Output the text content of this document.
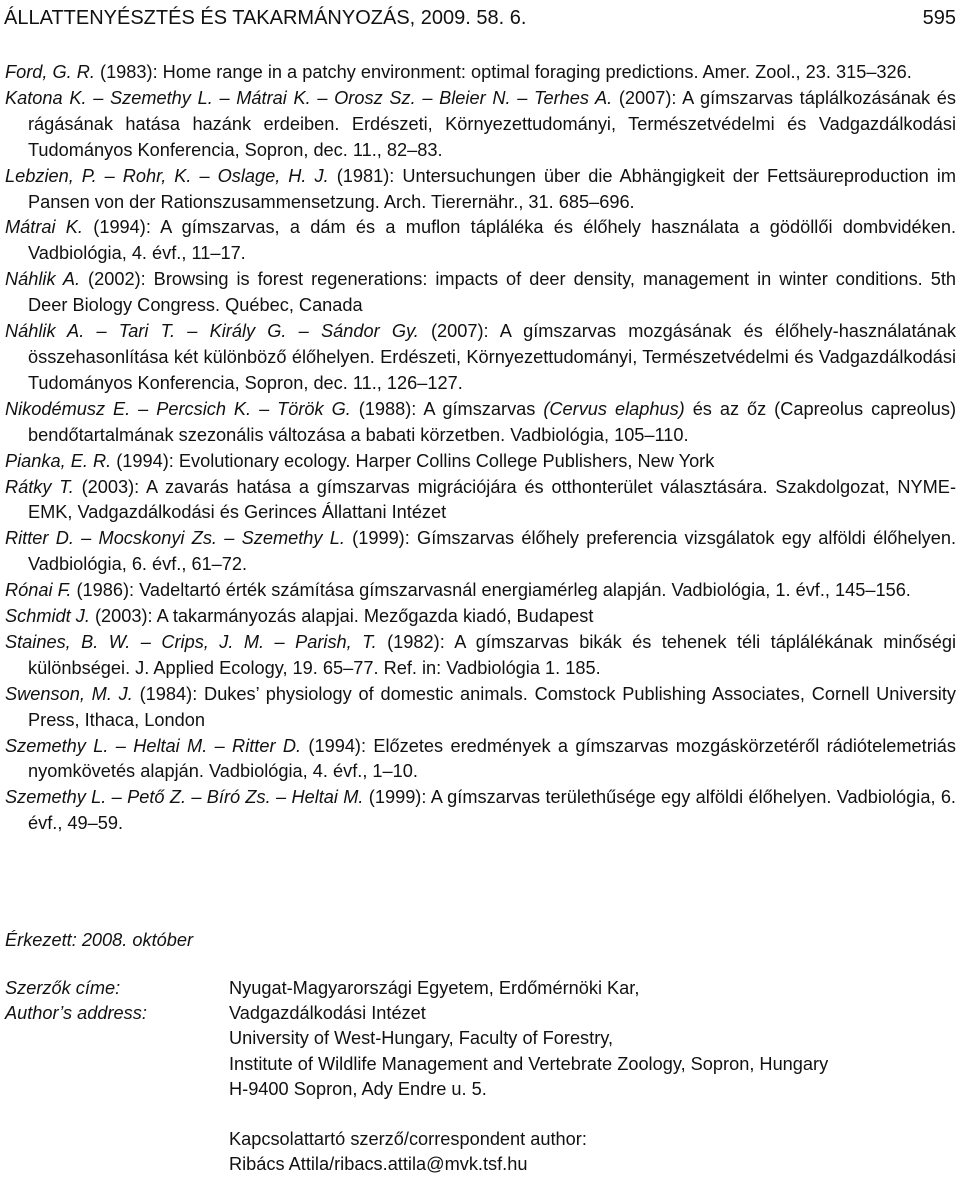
ÁLLATTENYÉSZTÉS ÉS TAKARMÁNYOZÁS, 2009. 58. 6.	595

Ford, G. R. (1983): Home range in a patchy environment: optimal foraging predictions. Amer. Zool., 23. 315–326.

Katona K. – Szemethy L. – Mátrai K. – Orosz Sz. – Bleier N. – Terhes A. (2007): A gímszarvas táplálkozásának és rágásának hatása hazánk erdeiben. Erdészeti, Környezettudományi, Természetvédelmi és Vadgazdálkodási Tudományos Konferencia, Sopron, dec. 11., 82–83.

Lebzien, P. – Rohr, K. – Oslage, H. J. (1981): Untersuchungen über die Abhängigkeit der Fettsäureproduction im Pansen von der Rationszusammensetzung. Arch. Tierernähr., 31. 685–696.

Mátrai K. (1994): A gímszarvas, a dám és a muflon tápláléka és élőhely használata a gödöllői dombvidéken. Vadbiológia, 4. évf., 11–17.

Náhlik A. (2002): Browsing is forest regenerations: impacts of deer density, management in winter conditions. 5th Deer Biology Congress. Québec, Canada

Náhlik A. – Tari T. – Király G. – Sándor Gy. (2007): A gímszarvas mozgásának és élőhely-használatának összehasonlítása két különböző élőhelyen. Erdészeti, Környezettudományi, Természetvédelmi és Vadgazdálkodási Tudományos Konferencia, Sopron, dec. 11., 126–127.

Nikodémusz E. – Percsich K. – Török G. (1988): A gímszarvas (Cervus elaphus) és az őz (Capreolus capreolus) bendőtartalmának szezonális változása a babati körzetben. Vadbiológia, 105–110.

Pianka, E. R. (1994): Evolutionary ecology. Harper Collins College Publishers, New York

Rátky T. (2003): A zavarás hatása a gímszarvas migrációjára és otthonterület választására. Szakdolgozat, NYME-EMK, Vadgazdálkodási és Gerinces Állattani Intézet

Ritter D. – Mocskonyi Zs. – Szemethy L. (1999): Gímszarvas élőhely preferencia vizsgálatok egy alföldi élőhelyen. Vadbiológia, 6. évf., 61–72.

Rónai F. (1986): Vadeltartó érték számítása gímszarvasnál energiamérleg alapján. Vadbiológia, 1. évf., 145–156.

Schmidt J. (2003): A takarmányozás alapjai. Mezőgazda kiadó, Budapest

Staines, B. W. – Crips, J. M. – Parish, T. (1982): A gímszarvas bikák és tehenek téli táplálékának minőségi különbségei. J. Applied Ecology, 19. 65–77. Ref. in: Vadbiológia 1. 185.

Swenson, M. J. (1984): Dukes’ physiology of domestic animals. Comstock Publishing Associates, Cornell University Press, Ithaca, London

Szemethy L. – Heltai M. – Ritter D. (1994): Előzetes eredmények a gímszarvas mozgáskörzetéről rádiótelemetriás nyomkövetés alapján. Vadbiológia, 4. évf., 1–10.

Szemethy L. – Pető Z. – Bíró Zs. – Heltai M. (1999): A gímszarvas területhűsége egy alföldi élőhelyen. Vadbiológia, 6. évf., 49–59.

Érkezett: 2008. október
Szerzők címe:
Author’s address:
Nyugat-Magyarországi Egyetem, Erdőmérnöki Kar,
Vadgazdálkodási Intézet
University of West-Hungary, Faculty of Forestry,
Institute of Wildlife Management and Vertebrate Zoology, Sopron, Hungary
H-9400 Sopron, Ady Endre u. 5.
Kapcsolattartó szerző/correspondent author:
Ribács Attila/ribacs.attila@mvk.tsf.hu
